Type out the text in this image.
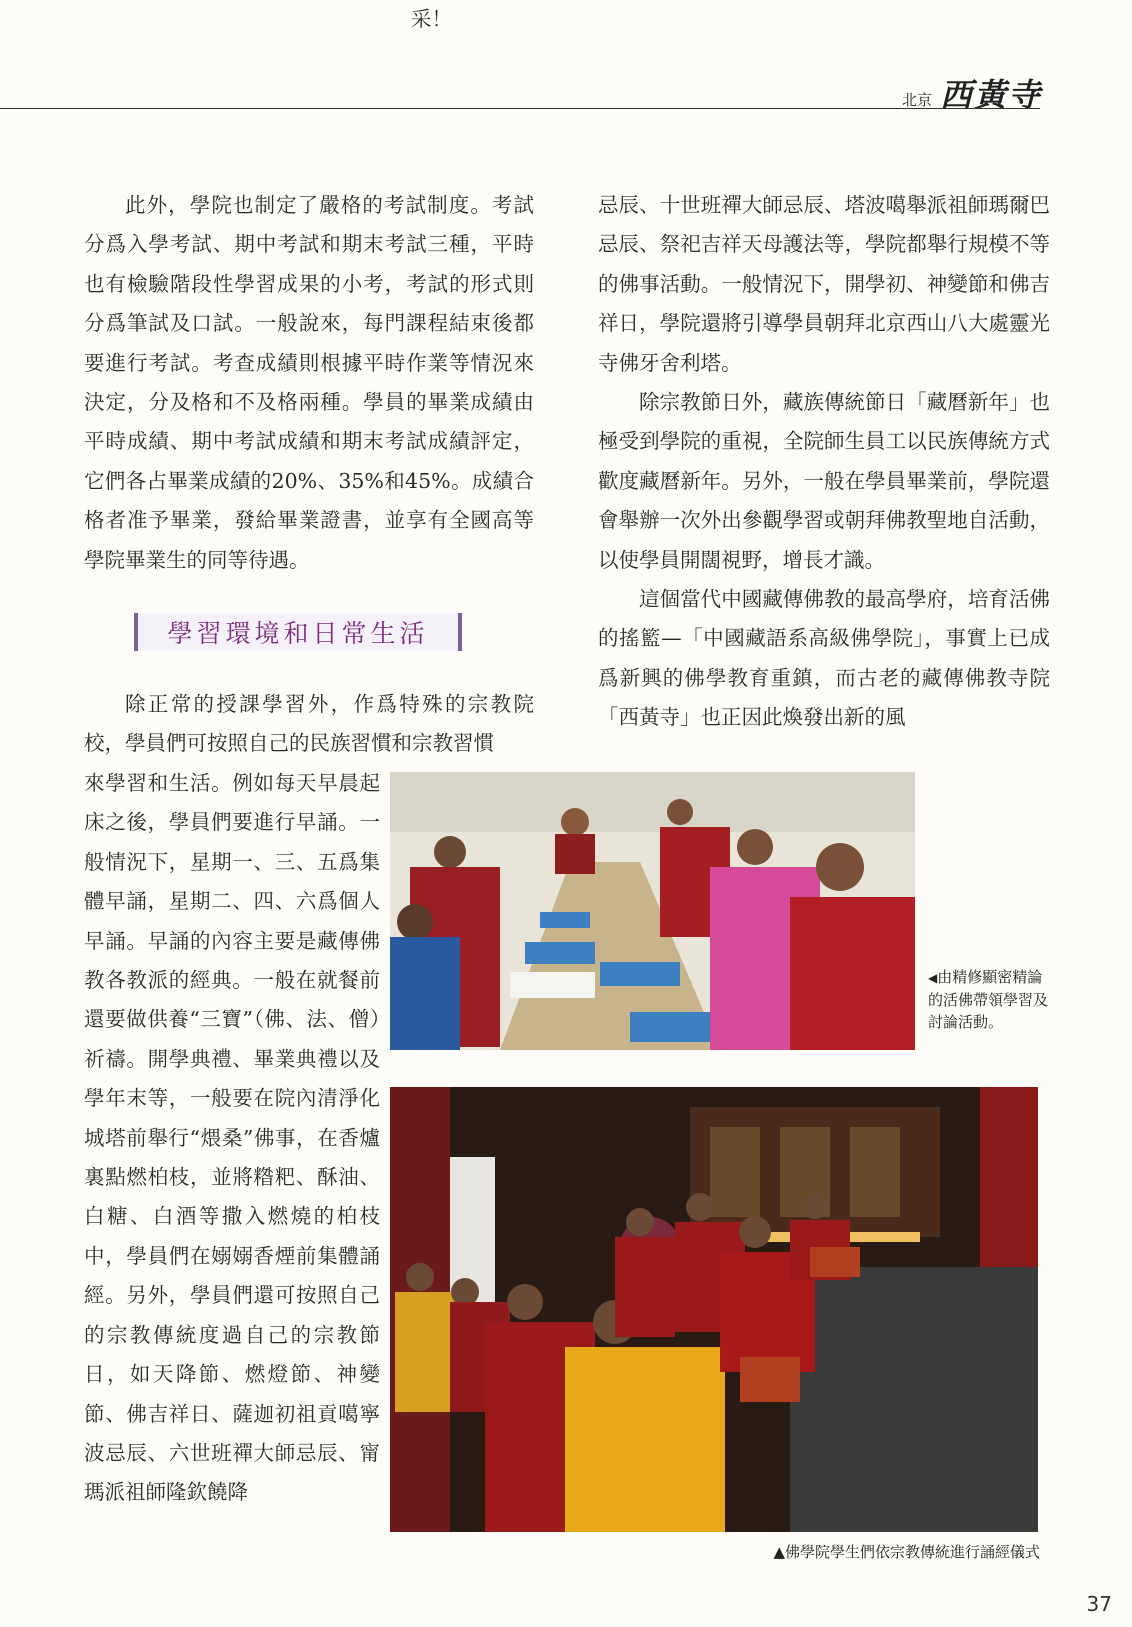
北京 西黃寺

此外，學院也制定了嚴格的考試制度。考試分爲入學考試、期中考試和期末考試三種，平時也有檢驗階段性學習成果的小考，考試的形式則分爲筆試及口試。一般說來，每門課程結束後都要進行考試。考查成績則根據平時作業等情況來決定，分及格和不及格兩種。學員的畢業成績由平時成績、期中考試成績和期末考試成績評定，它們各占畢業成績的20%、35%和45%。成績合格者准予畢業，發給畢業證書，並享有全國高等學院畢業生的同等待遇。

學習環境和日常生活

除正常的授課學習外，作爲特殊的宗教院校，學員們可按照自己的民族習慣和宗教習慣

來學習和生活。例如每天早晨起床之後，學員們要進行早誦。一般情況下，星期一、三、五爲集體早誦，星期二、四、六爲個人早誦。早誦的內容主要是藏傳佛教各教派的經典。一般在就餐前還要做供養“三寶”（佛、法、僧）祈禱。開學典禮、畢業典禮以及學年末等，一般要在院內清淨化城塔前舉行“煨桑”佛事，在香爐裏點燃柏枝，並將糌粑、酥油、白糖、白酒等撒入燃燒的柏枝中，學員們在嫋嫋香煙前集體誦經。另外，學員們還可按照自己的宗教傳統度過自己的宗教節日，如天降節、燃燈節、神變節、佛吉祥日、薩迦初祖貢噶寧波忌辰、六世班禪大師忌辰、甯瑪派祖師隆欽饒降

忌辰、十世班禪大師忌辰、塔波噶舉派祖師瑪爾巴忌辰、祭祀吉祥天母護法等，學院都舉行規模不等的佛事活動。一般情況下，開學初、神變節和佛吉祥日，學院還將引導學員朝拜北京西山八大處靈光寺佛牙舍利塔。

除宗教節日外，藏族傳統節日「藏曆新年」也極受到學院的重視，全院師生員工以民族傳統方式歡度藏曆新年。另外，一般在學員畢業前，學院還會舉辦一次外出參觀學習或朝拜佛教聖地自活動，以使學員開闊視野，增長才識。

這個當代中國藏傳佛教的最高學府，培育活佛的搖籃—「中國藏語系高級佛學院」，事實上已成爲新興的佛學教育重鎮，而古老的藏傳佛教寺院「西黃寺」也正因此煥發出新的風

采！
◀由精修顯密精論的活佛帶領學習及討論活動。
▲佛學院學生們依宗教傳統進行誦經儀式
37
